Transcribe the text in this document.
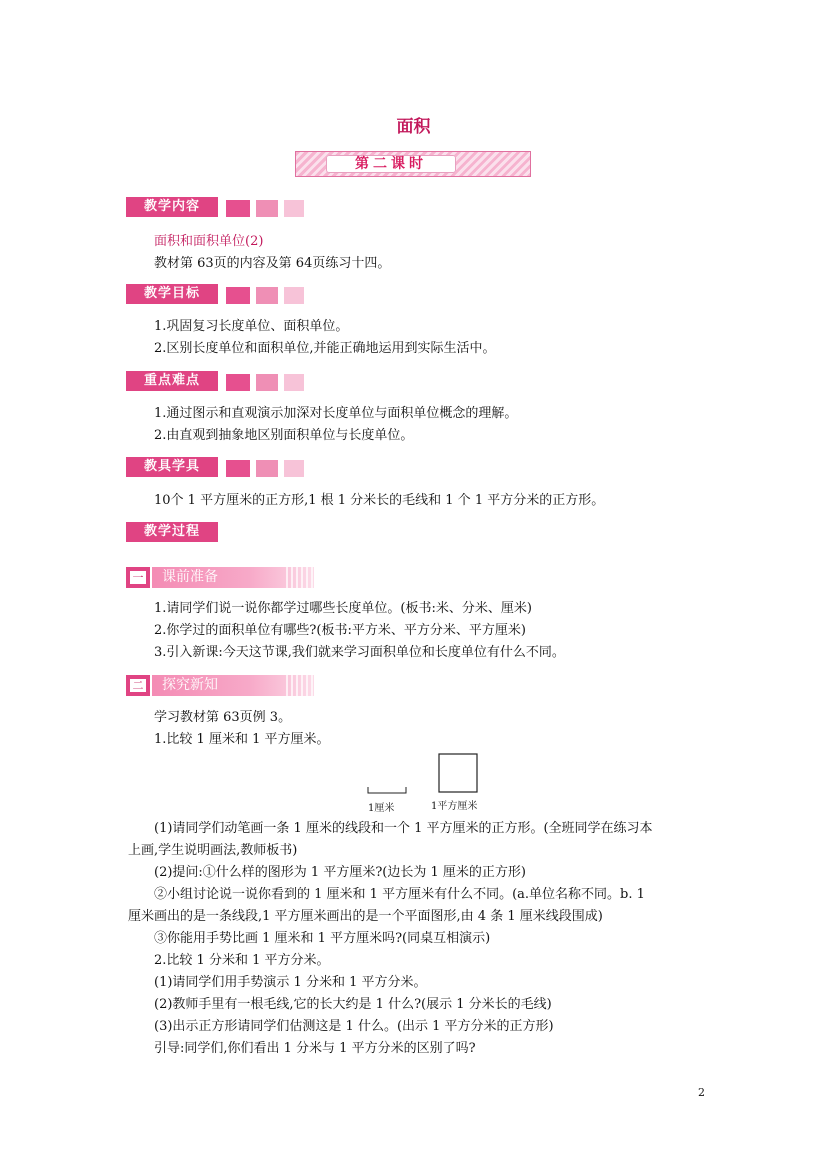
面积
第二课时
教学内容
面积和面积单位(2)
教材第 63页的内容及第 64页练习十四。
教学目标
1.巩固复习长度单位、面积单位。
2.区别长度单位和面积单位,并能正确地运用到实际生活中。
重点难点
1.通过图示和直观演示加深对长度单位与面积单位概念的理解。
2.由直观到抽象地区别面积单位与长度单位。
教具学具
10个 1 平方厘米的正方形,1 根 1 分米长的毛线和 1 个 1 平方分米的正方形。
教学过程
一 课前准备
1.请同学们说一说你都学过哪些长度单位。(板书:米、分米、厘米)
2.你学过的面积单位有哪些?(板书:平方米、平方分米、平方厘米)
3.引入新课:今天这节课,我们就来学习面积单位和长度单位有什么不同。
二 探究新知
学习教材第 63页例 3。
1.比较 1 厘米和 1 平方厘米。
1厘米	1平方厘米
(1)请同学们动笔画一条 1 厘米的线段和一个 1 平方厘米的正方形。(全班同学在练习本
上画,学生说明画法,教师板书)
(2)提问:①什么样的图形为 1 平方厘米?(边长为 1 厘米的正方形)
②小组讨论说一说你看到的 1 厘米和 1 平方厘米有什么不同。(a.单位名称不同。b. 1
厘米画出的是一条线段,1 平方厘米画出的是一个平面图形,由 4 条 1 厘米线段围成)
③你能用手势比画 1 厘米和 1 平方厘米吗?(同桌互相演示)
2.比较 1 分米和 1 平方分米。
(1)请同学们用手势演示 1 分米和 1 平方分米。
(2)教师手里有一根毛线,它的长大约是 1 什么?(展示 1 分米长的毛线)
(3)出示正方形请同学们估测这是 1 什么。(出示 1 平方分米的正方形)
引导:同学们,你们看出 1 分米与 1 平方分米的区别了吗?
2
